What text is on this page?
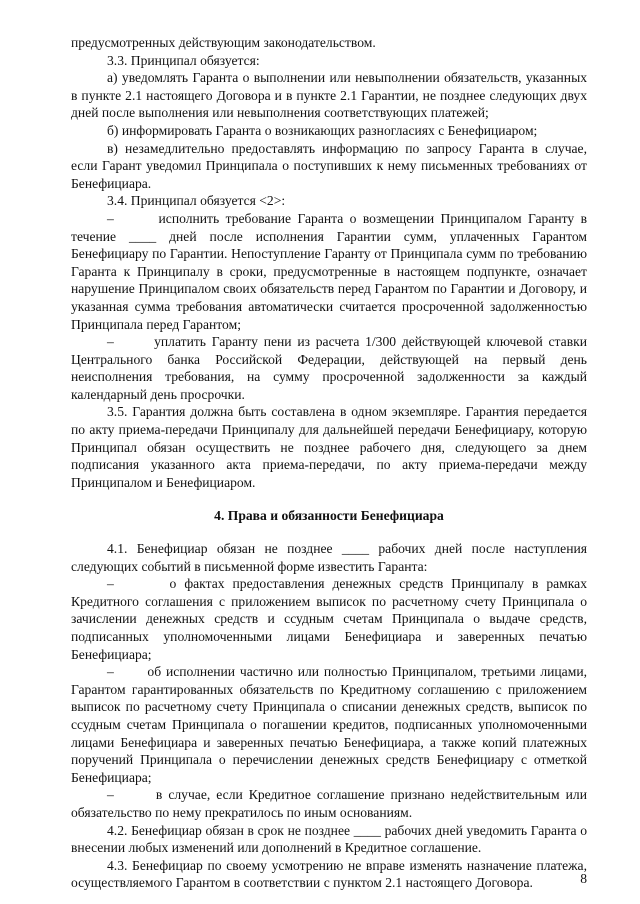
предусмотренных действующим законодательством.

3.3. Принципал обязуется:

а) уведомлять Гаранта о выполнении или невыполнении обязательств, указанных в пункте 2.1 настоящего Договора и в пункте 2.1 Гарантии, не позднее следующих двух дней после выполнения или невыполнения соответствующих платежей;

б) информировать Гаранта о возникающих разногласиях с Бенефициаром;

в) незамедлительно предоставлять информацию по запросу Гаранта в случае, если Гарант уведомил Принципала о поступивших к нему письменных требованиях от Бенефициара.

3.4. Принципал обязуется <2>:

–       исполнить требование Гаранта о возмещении Принципалом Гаранту в течение ____ дней после исполнения Гарантии сумм, уплаченных Гарантом Бенефициару по Гарантии. Непоступление Гаранту от Принципала сумм по требованию Гаранта к Принципалу в сроки, предусмотренные в настоящем подпункте, означает нарушение Принципалом своих обязательств перед Гарантом по Гарантии и Договору, и указанная сумма требования автоматически считается просроченной задолженностью Принципала перед Гарантом;

–       уплатить Гаранту пени из расчета 1/300 действующей ключевой ставки Центрального банка Российской Федерации, действующей на первый день неисполнения требования, на сумму просроченной задолженности за каждый календарный день просрочки.

3.5. Гарантия должна быть составлена в одном экземпляре. Гарантия передается по акту приема-передачи Принципалу для дальнейшей передачи Бенефициару, которую Принципал обязан осуществить не позднее рабочего дня, следующего за днем подписания указанного акта приема-передачи, по акту приема-передачи между Принципалом и Бенефициаром.

4. Права и обязанности Бенефициара

4.1. Бенефициар обязан не позднее ____ рабочих дней после наступления следующих событий в письменной форме известить Гаранта:

–       о фактах предоставления денежных средств Принципалу в рамках Кредитного соглашения с приложением выписок по расчетному счету Принципала о зачислении денежных средств и ссудным счетам Принципала о выдаче средств, подписанных уполномоченными лицами Бенефициара и заверенных печатью Бенефициара;

–       об исполнении частично или полностью Принципалом, третьими лицами, Гарантом гарантированных обязательств по Кредитному соглашению с приложением выписок по расчетному счету Принципала о списании денежных средств, выписок по ссудным счетам Принципала о погашении кредитов, подписанных уполномоченными лицами Бенефициара и заверенных печатью Бенефициара, а также копий платежных поручений Принципала о перечислении денежных средств Бенефициару с отметкой Бенефициара;

–       в случае, если Кредитное соглашение признано недействительным или обязательство по нему прекратилось по иным основаниям.

4.2. Бенефициар обязан в срок не позднее ____ рабочих дней уведомить Гаранта о внесении любых изменений или дополнений в Кредитное соглашение.

4.3. Бенефициар по своему усмотрению не вправе изменять назначение платежа, осуществляемого Гарантом в соответствии с пунктом 2.1 настоящего Договора.	8
